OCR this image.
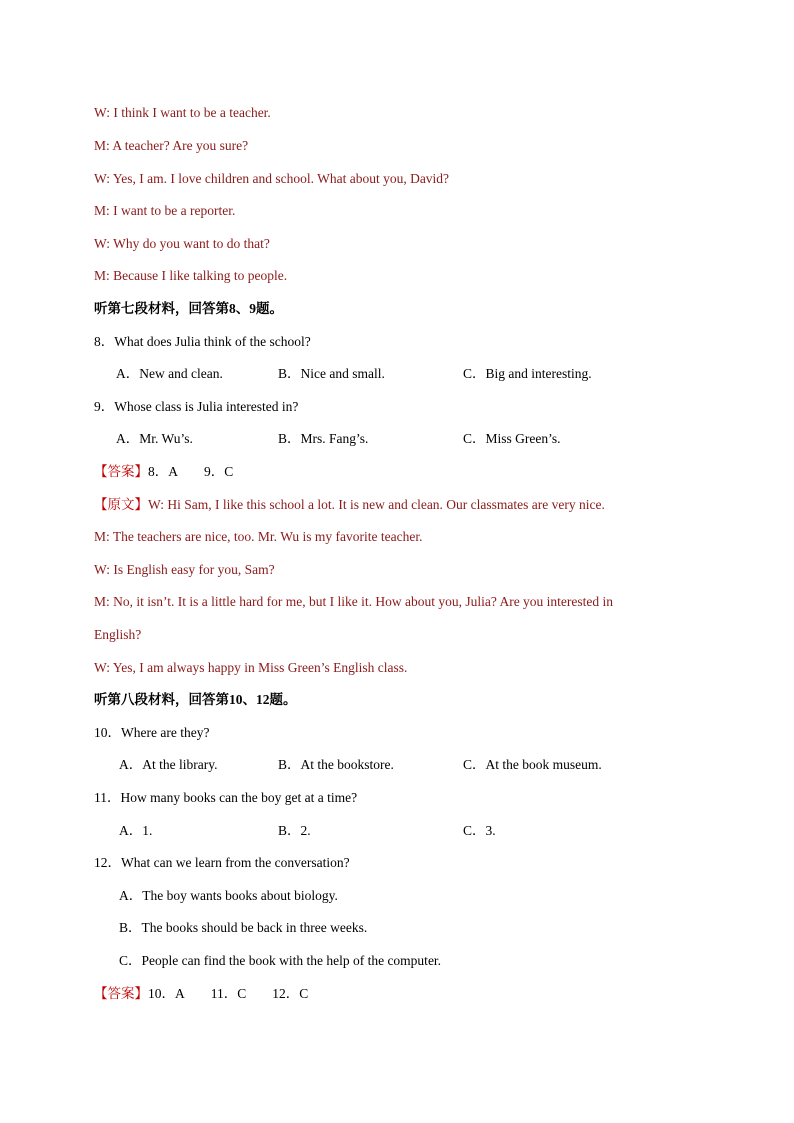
W: I think I want to be a teacher.
M: A teacher? Are you sure?
W: Yes, I am. I love children and school. What about you, David?
M: I want to be a reporter.
W: Why do you want to do that?
M: Because I like talking to people.
听第七段材料，回答第8、9题。
8．What does Julia think of the school?
A．New and clean.	B．Nice and small.	C．Big and interesting.
9．Whose class is Julia interested in?
A．Mr. Wu’s.	B．Mrs. Fang’s.	C．Miss Green’s.
【答案】8．A 9．C
【原文】W: Hi Sam, I like this school a lot. It is new and clean. Our classmates are very nice.
M: The teachers are nice, too. Mr. Wu is my favorite teacher.
W: Is English easy for you, Sam?
M: No, it isn’t. It is a little hard for me, but I like it. How about you, Julia? Are you interested in
English?
W: Yes, I am always happy in Miss Green’s English class.
听第八段材料，回答第10、12题。
10．Where are they?
A．At the library.	B．At the bookstore.	C．At the book museum.
11．How many books can the boy get at a time?
A．1.	B．2.	C．3.
12．What can we learn from the conversation?
A．The boy wants books about biology.
B．The books should be back in three weeks.
C．People can find the book with the help of the computer.
【答案】10．A 11．C 12．C
